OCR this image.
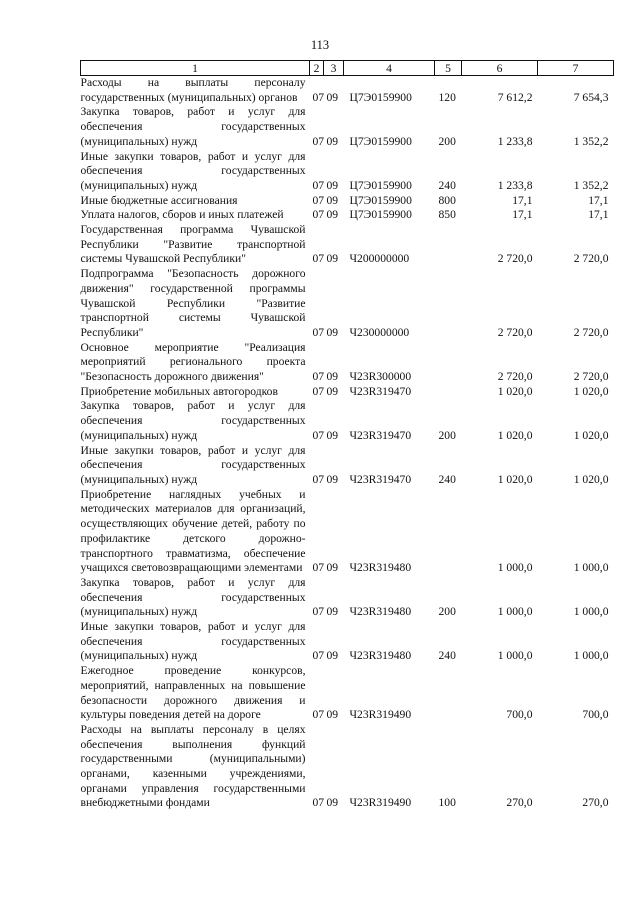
113
1	2	3	4	5	6	7
Расходы на выплаты персоналу государственных (муниципальных) органов	07	09	Ц7Э0159900	120	7 612,2	7 654,3
Закупка товаров, работ и услуг для обеспечения государственных (муниципальных) нужд	07	09	Ц7Э0159900	200	1 233,8	1 352,2
Иные закупки товаров, работ и услуг для обеспечения государственных (муниципальных) нужд	07	09	Ц7Э0159900	240	1 233,8	1 352,2
Иные бюджетные ассигнования	07	09	Ц7Э0159900	800	17,1	17,1
Уплата налогов, сборов и иных платежей	07	09	Ц7Э0159900	850	17,1	17,1
Государственная программа Чувашской Республики "Развитие транспортной системы Чувашской Республики"	07	09	Ч200000000		2 720,0	2 720,0
Подпрограмма "Безопасность дорожного движения" государственной программы Чувашской Республики "Развитие транспортной системы Чувашской Республики"	07	09	Ч230000000		2 720,0	2 720,0
Основное мероприятие "Реализация мероприятий регионального проекта "Безопасность дорожного движения"	07	09	Ч23R300000		2 720,0	2 720,0
Приобретение мобильных автогородков	07	09	Ч23R319470		1 020,0	1 020,0
Закупка товаров, работ и услуг для обеспечения государственных (муниципальных) нужд	07	09	Ч23R319470	200	1 020,0	1 020,0
Иные закупки товаров, работ и услуг для обеспечения государственных (муниципальных) нужд	07	09	Ч23R319470	240	1 020,0	1 020,0
Приобретение наглядных учебных и методических материалов для организаций, осуществляющих обучение детей, работу по профилактике детского дорожно-транспортного травматизма, обеспечение учащихся световозвращающими элементами	07	09	Ч23R319480		1 000,0	1 000,0
Закупка товаров, работ и услуг для обеспечения государственных (муниципальных) нужд	07	09	Ч23R319480	200	1 000,0	1 000,0
Иные закупки товаров, работ и услуг для обеспечения государственных (муниципальных) нужд	07	09	Ч23R319480	240	1 000,0	1 000,0
Ежегодное проведение конкурсов, мероприятий, направленных на повышение безопасности дорожного движения и культуры поведения детей на дороге	07	09	Ч23R319490		700,0	700,0
Расходы на выплаты персоналу в целях обеспечения выполнения функций государственными (муниципальными) органами, казенными учреждениями, органами управления государственными внебюджетными фондами	07	09	Ч23R319490	100	270,0	270,0
